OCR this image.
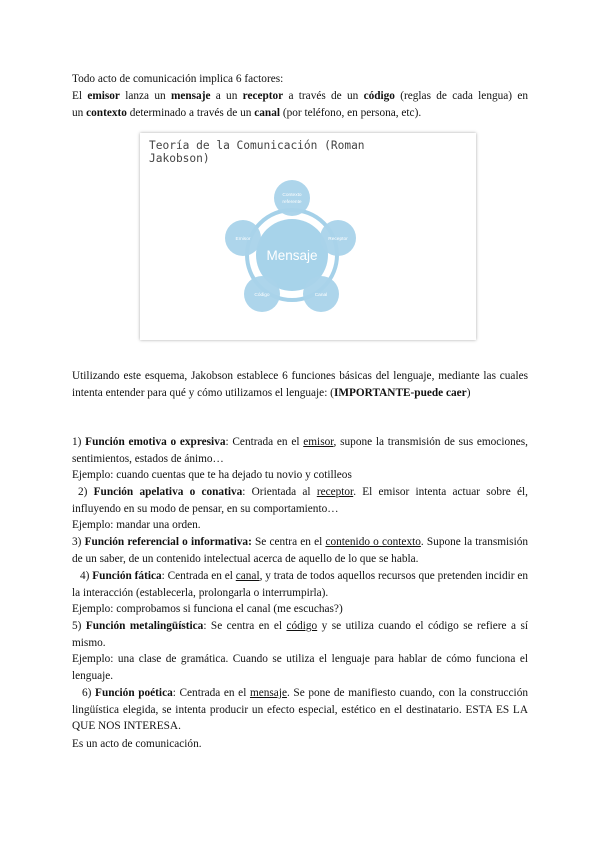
Todo acto de comunicación implica 6 factores:
El emisor lanza un mensaje a un receptor a través de un código (reglas de cada lengua) en
un contexto determinado a través de un canal (por teléfono, en persona, etc).
Teoría de la Comunicación (Roman Jakobson)
Mensaje
Contexto
referente
Receptor
Canal
Código
Emisor
Utilizando este esquema, Jakobson establece 6 funciones básicas del lenguaje, mediante las cuales intenta entender para qué y cómo utilizamos el lenguaje: (IMPORTANTE-puede caer)
1) Función emotiva o expresiva: Centrada en el emisor, supone la transmisión de sus emociones, sentimientos, estados de ánimo…
Ejemplo: cuando cuentas que te ha dejado tu novio y cotilleos
2) Función apelativa o conativa: Orientada al receptor. El emisor intenta actuar sobre él, influyendo en su modo de pensar, en su comportamiento…
Ejemplo: mandar una orden.
3) Función referencial o informativa: Se centra en el contenido o contexto. Supone la transmisión de un saber, de un contenido intelectual acerca de aquello de lo que se habla.
4) Función fática: Centrada en el canal, y trata de todos aquellos recursos que pretenden incidir en la interacción (establecerla, prolongarla o interrumpirla).
Ejemplo: comprobamos si funciona el canal (me escuchas?)
5) Función metalingüística: Se centra en el código y se utiliza cuando el código se refiere a sí mismo.
Ejemplo: una clase de gramática. Cuando se utiliza el lenguaje para hablar de cómo funciona el lenguaje.
6) Función poética: Centrada en el mensaje. Se pone de manifiesto cuando, con la construcción lingüística elegida, se intenta producir un efecto especial, estético en el destinatario. ESTA ES LA QUE NOS INTERESA.
Es un acto de comunicación.
